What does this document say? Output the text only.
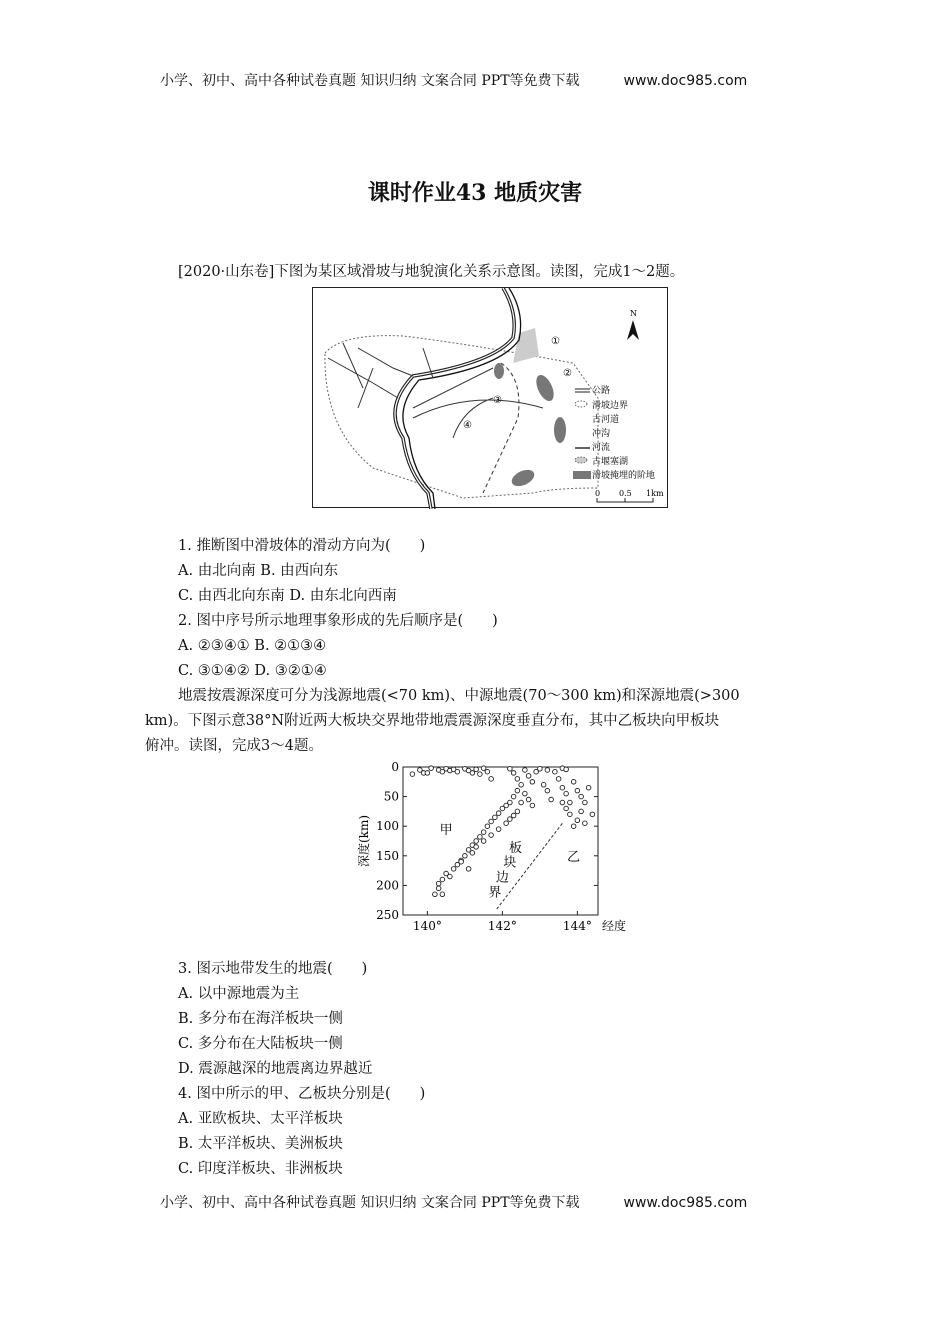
小学、初中、高中各种试卷真题 知识归纳 文案合同 PPT等免费下载	www.doc985.com
课时作业43 地质灾害
[2020·山东卷]下图为某区域滑坡与地貌演化关系示意图。读图，完成1～2题。
①
②
③
④
N
公路
滑坡边界
古河道
冲沟
河流
古堰塞湖
滑坡掩埋的阶地
0 0.5 1km
1. 推断图中滑坡体的滑动方向为(　　)
A. 由北向南 B. 由西向东
C. 由西北向东南 D. 由东北向西南
2. 图中序号所示地理事象形成的先后顺序是(　　)
A. ②③④① B. ②①③④
C. ③①④② D. ③②①④
地震按震源深度可分为浅源地震(<70 km)、中源地震(70～300 km)和深源地震(>300
km)。下图示意38°N附近两大板块交界地带地震震源深度垂直分布，其中乙板块向甲板块
俯冲。读图，完成3～4题。
0
50
100
150
200
250
140°	142°	144° 经度
深度(km)	甲
乙
板
块
边
界
3. 图示地带发生的地震(　　)
A. 以中源地震为主
B. 多分布在海洋板块一侧
C. 多分布在大陆板块一侧
D. 震源越深的地震离边界越近
4. 图中所示的甲、乙板块分别是(　　)
A. 亚欧板块、太平洋板块
B. 太平洋板块、美洲板块
C. 印度洋板块、非洲板块
小学、初中、高中各种试卷真题 知识归纳 文案合同 PPT等免费下载	www.doc985.com
